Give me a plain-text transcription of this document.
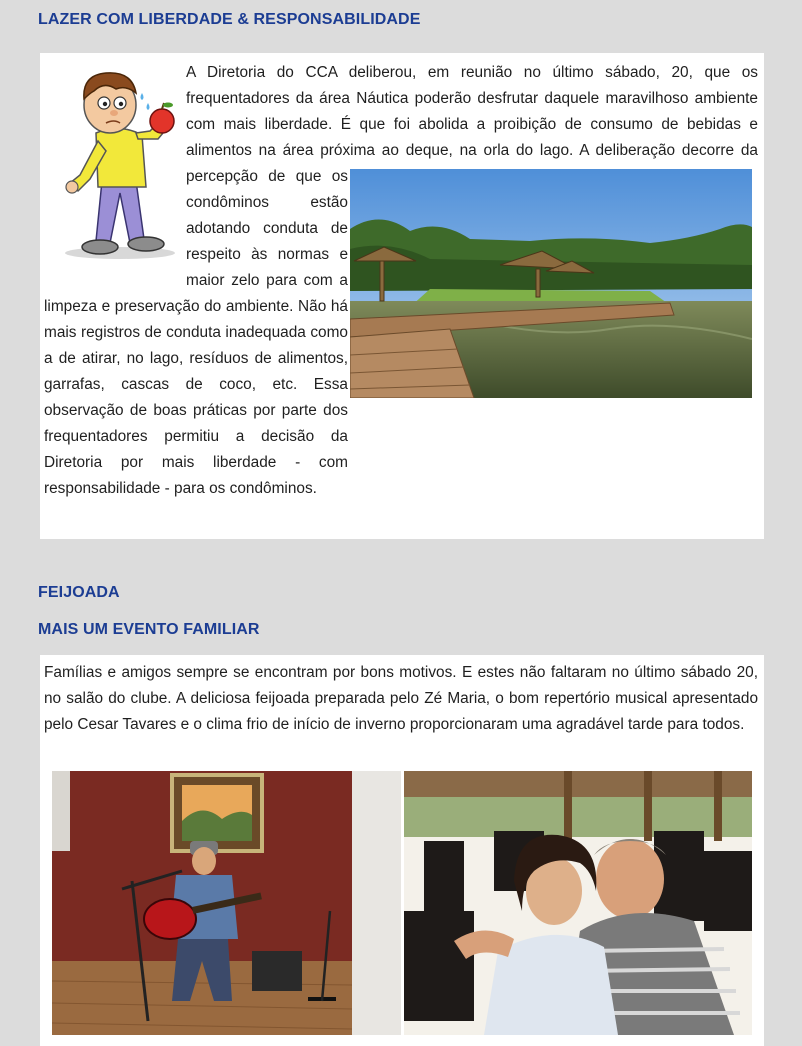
LAZER COM LIBERDADE & RESPONSABILIDADE

A Diretoria do CCA deliberou, em reunião no último sábado, 20, que os frequentadores da área Náutica poderão desfrutar daquele maravilhoso ambiente com mais liberdade. É que foi abolida a proibição de consumo de bebidas e alimentos na área próxima ao deque, na orla do lago. A deliberação decorre da percepção de que os condôminos estão adotando conduta de respeito às normas e maior zelo para com a limpeza e preservação do ambiente. Não há mais registros de conduta inadequada como a de atirar, no lago, resíduos de alimentos, garrafas, cascas de coco, etc. Essa observação de boas práticas por parte dos frequentadores permitiu a decisão da Diretoria por mais liberdade - com responsabilidade - para os condôminos.

FEIJOADA
MAIS UM EVENTO FAMILIAR

Famílias e amigos sempre se encontram por bons motivos. E estes não faltaram no último sábado 20, no salão do clube. A deliciosa feijoada preparada pelo Zé Maria, o bom repertório musical apresentado pelo Cesar Tavares e o clima frio de início de inverno proporcionaram uma agradável tarde para todos.
